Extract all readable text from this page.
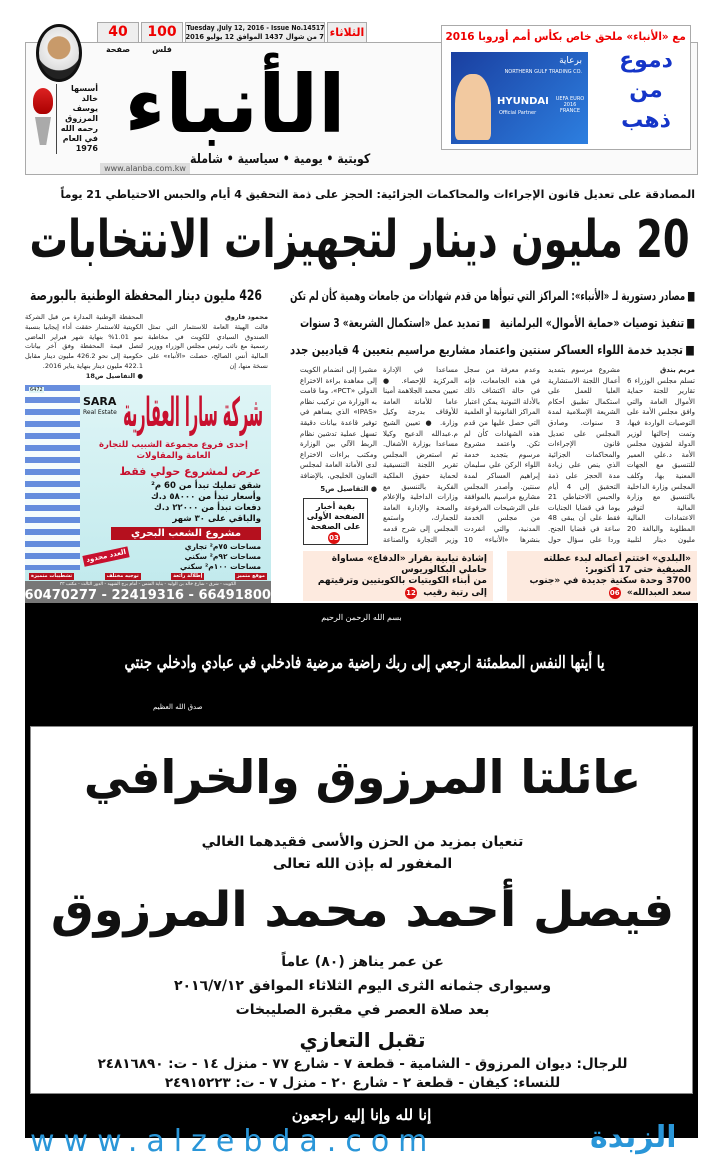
الثلاثاء
Tuesday ,July 12, 2016 - Issue No.14517
7 من شوال 1437 الموافق 12 يوليو 2016
100 فلس
40 صفحة
أسسها خالد يوسف المرزوق رحمه الله في العام 1976 الأنباء
كويتية • يومية • سياسية • شاملة
www.alanba.com.kw
مع «الأنباء» ملحق خاص بكأس أمم أوروبا 2016
برعاية
NORTHERN GULF TRADING CO.
HYUNDAI
Official Partner
UEFA EURO 2016 FRANCE
دموع من ذهب
المصادقة على تعديل قانون الإجراءات والمحاكمات الجزائية: الحجز على ذمة التحقيق 4 أيام والحبس الاحتياطي 21 يوماً
20 مليون دينار لتجهيزات الانتخابات
■ مصادر دستورية لـ «الأنباء»: المراكز التي تبوأها من قدم شهادات من جامعات وهمية كأن لم تكن
■ تنفيذ توصيات «حماية الأموال» البرلمانية
■ تمديد عمل «استكمال الشريعة» 3 سنوات
■ تجديد خدمة اللواء العساكر سنتين واعتماد مشاريع مراسيم بتعيين 4 قياديين جدد
426 مليون دينار المحفظة الوطنية بالبورصة
محمود فاروق
قالت الهيئة العامة للاستثمار التي تمثل الصندوق السيادي للكويت في مخاطبة رسمية مع نائب رئيس مجلس الوزراء ووزير المالية أنس الصالح، حصلت «الأنباء» على نسخة منها، إن
المحفظة الوطنية المدارة من قبل الشركة الكويتية للاستثمار حققت أداء إيجابيا بنسبة نمو 1.01% بنهاية شهر فبراير الماضي لتصل قيمة المحفظة وفق آخر بيانات حكومية إلى نحو 426.2 مليون دينار مقابل 422.1 مليون دينار بنهاية يناير 2016.
● التفاصيل ص18
مريم بندق
تسلم مجلس الوزراء 6 تقارير للجنة حماية الأموال العامة والتي وافق مجلس الأمة على التوصيات الواردة فيها، وتمت إحالتها لوزير الدولة لشؤون مجلس الأمة د.علي العمير للتنسيق مع الجهات المعنية بها، وكلف المجلس وزارة الداخلية بالتنسيق مع وزارة المالية لتوفير الاعتمادات المالية المطلوبة والبالغة 20 مليون دينار لتلبية
مشروع مرسوم بتمديد أعمال اللجنة الاستشارية العليا للعمل على استكمال تطبيق أحكام الشريعة الإسلامية لمدة 3 سنوات. وصادق المجلس على تعديل قانون الإجراءات والمحاكمات الجزائية الذي ينص على زيادة مدة الحجز على ذمة التحقيق إلى 4 أيام والحبس الاحتياطي 21 يوما في قضايا الجنايات فقط على أن يبقى 48 ساعة في قضايا الجنح. وردا على سؤال حول
وعدم معرفة من سجل في هذه الجامعات، فإنه في حالة اكتشاف ذلك بالأدلة الثبوتية يمكن اعتبار المراكز القانونية أو العلمية التي حصل عليها من قدم هذه الشهادات كأن لم تكن. واعتمد مشروع مرسوم بتجديد خدمة اللواء الركن علي سليمان إبراهيم العساكر لمدة سنتين. وأصدر المجلس مشاريع مراسيم بالموافقة على الترشيحات المرفوعة من مجلس الخدمة المدنية، والتي انفردت بنشرها «الأنباء» 10
مساعدا في الإدارة المركزية للإحصاء. ● تعيين محمد الجلاهمة أمينا عاما للأمانة العامة للأوقاف بدرجة وكيل وزارة. ● تعيين الشيخ م.عبدالله الدعيج وكيلا مساعدا بوزارة الأشغال. ثم استعرض المجلس تقرير اللجنة التنسيقية لحماية حقوق الملكية الفكرية بالتنسيق مع وزارات الداخلية والإعلام والصحة والإدارة العامة للجمارك، واستمع المجلس إلى شرح قدمه وزير التجارة والصناعة
مشيرا إلى انضمام الكويت إلى معاهدة براءة الاختراع الدولي «PCT»، وما قامت به الوزارة من تركيب نظام «IPAS» الذي يساهم في توفير قاعدة بيانات دقيقة تسهل عملية تدشين نظام الربط الآلي بين الوزارة ومكتب براءات الاختراع لدى الأمانة العامة لمجلس التعاون الخليجي، بالإضافة
● التفاصيل ص5
بقية أخبار الصفحة الأولى على الصفحة 03
6472 شركة سارا العقارية
SARA
Real Estate
إحدى فروع مجموعة الشبيب للتجارة العامة والمقاولات
عرض لمشروع حولي فقط
شقق تمليك تبدأ من 60 م²
وأسعار تبدأ من ٥٨٠٠٠ د.ك
دفعات تبدأ من ٢٢٠٠٠ د.ك
والباقي على ٣٠ شهر
مشروع الشعب البحري
مساحات ٧٥م² تجاري
مساحات ٩٢م² سكني
مساحات ١٠٠م² سكني
العدد محدود
موقع متميز
إطلالة رائعة
توجيه مختلف
تشطيبات متميزة
الكويت - شرق - شارع خالد بن الوليد - بناية المنس - أمام برج الشهيد - الدور الثالث - مكتب ٣٣
60470277 - 22419316 - 66491800
«البلدي» اختتم أعماله لبدء عطلته الصيفية حتى 17 أكتوبر:
3700 وحدة سكنية جديدة في «جنوب سعد العبدالله» 06
إشادة نيابية بقرار «الدفاع» مساواة حاملي البكالوريوس
من أبناء الكويتيات بالكويتيين وترقيتهم إلى رتبة رقيب 12
بسم الله الرحمن الرحيم
يا أيتها النفس المطمئنة ارجعي إلى ربك راضية مرضية فادخلي في عبادي وادخلي جنتي
صدق الله العظيم
عائلتا المرزوق والخرافي
تنعيان بمزيد من الحزن والأسى فقيدهما الغالي
المغفور له بإذن الله تعالى
فيصل أحمد محمد المرزوق
عن عمر يناهز (٨٠) عاماً
وسيوارى جثمانه الثرى اليوم الثلاثاء الموافق ٢٠١٦/٧/١٢
بعد صلاة العصر في مقبرة الصليبخات
تقبل التعازي
للرجال: ديوان المرزوق - الشامية - قطعة ٧ - شارع ٧٧ - منزل ١٤ - ت: ٢٤٨١٦٨٩٠
للنساء: كيفان - قطعة ٢ - شارع ٢٠ - منزل ٧ - ت: ٢٤٩١٥٢٢٣
إنا لله وإنا إليه راجعون
www.alzebda.com	الزبدة
